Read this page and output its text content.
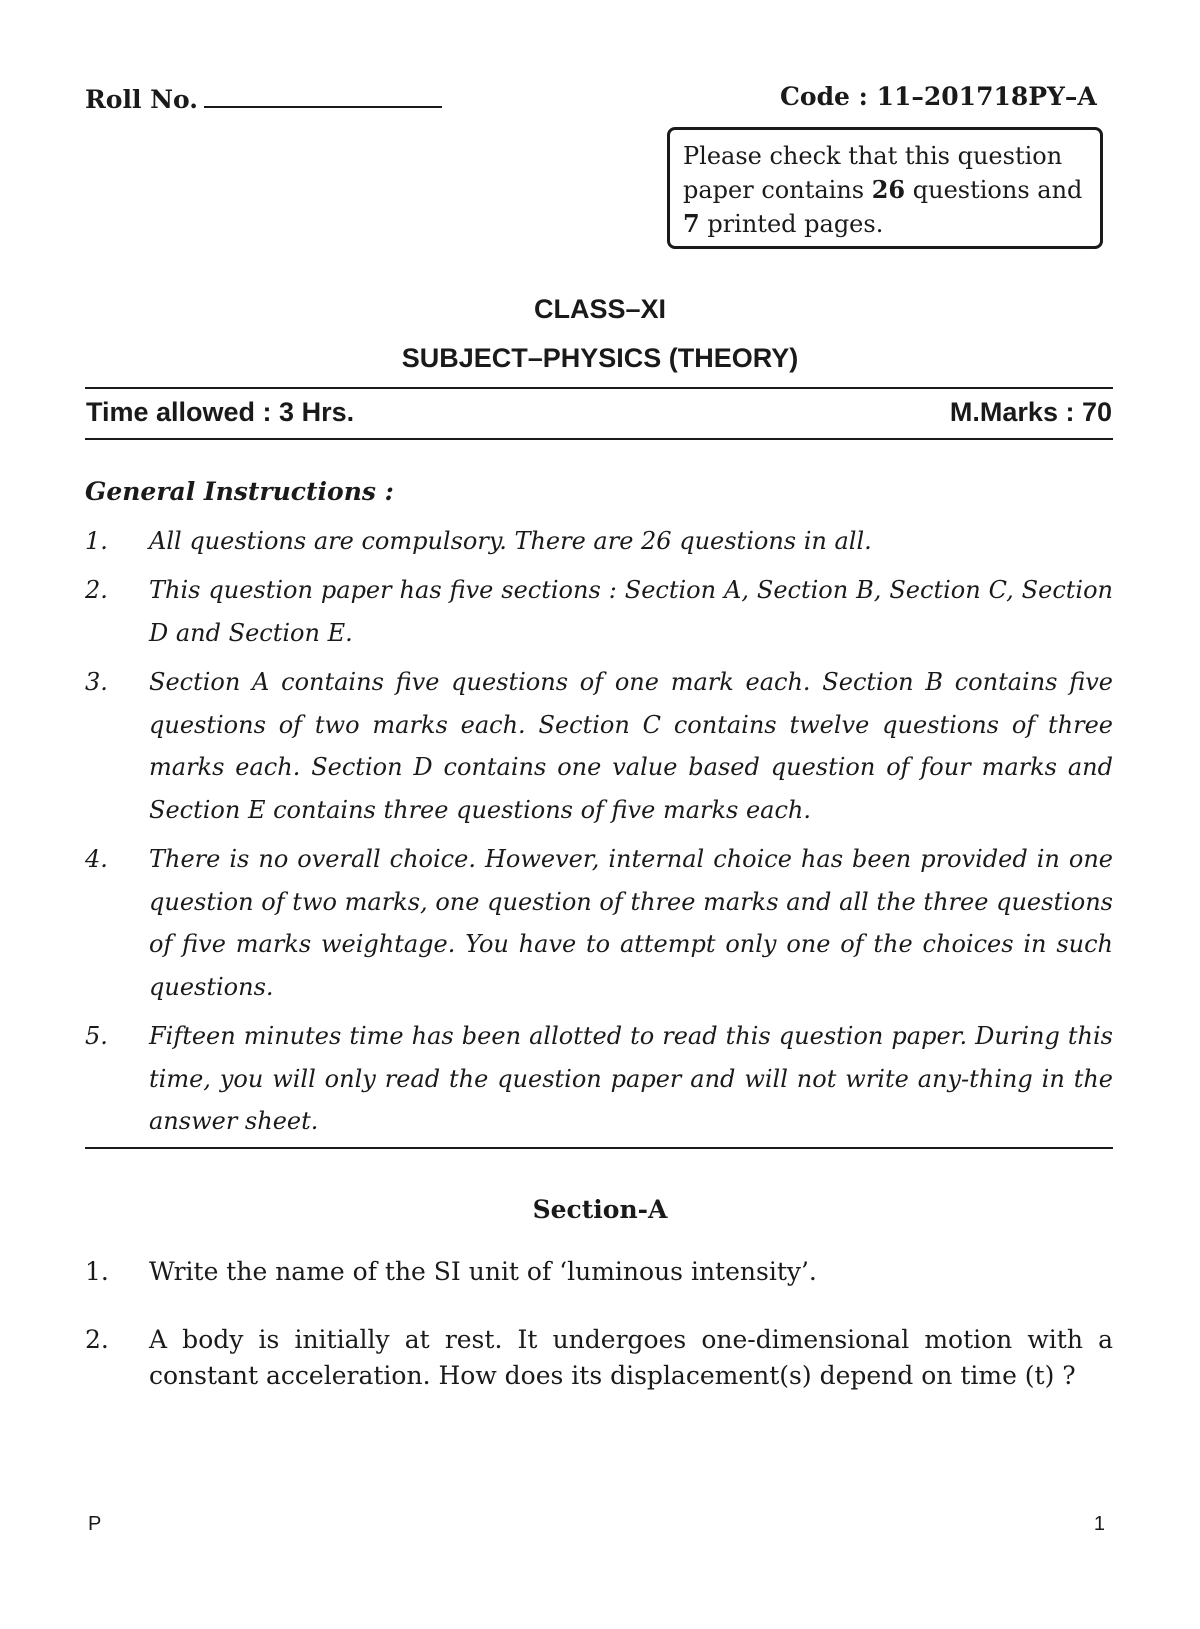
Roll No.	Code : 11–201718PY–A
Please check that this question paper contains 26 questions and 7 printed pages.
CLASS–XI
SUBJECT–PHYSICS (THEORY)
Time allowed : 3 Hrs.	M.Marks : 70
General Instructions :
1. All questions are compulsory. There are 26 questions in all.
2. This question paper has five sections : Section A, Section B, Section C, Section D and Section E.
3. Section A contains five questions of one mark each. Section B contains five questions of two marks each. Section C contains twelve questions of three marks each. Section D contains one value based question of four marks and Section E contains three questions of five marks each.
4. There is no overall choice. However, internal choice has been provided in one question of two marks, one question of three marks and all the three questions of five marks weightage. You have to attempt only one of the choices in such questions.
5. Fifteen minutes time has been allotted to read this question paper. During this time, you will only read the question paper and will not write any-thing in the answer sheet.
Section-A
1. Write the name of the SI unit of ‘luminous intensity’.
2. A body is initially at rest. It undergoes one-dimensional motion with a constant acceleration. How does its displacement(s) depend on time (t) ?
P	1
